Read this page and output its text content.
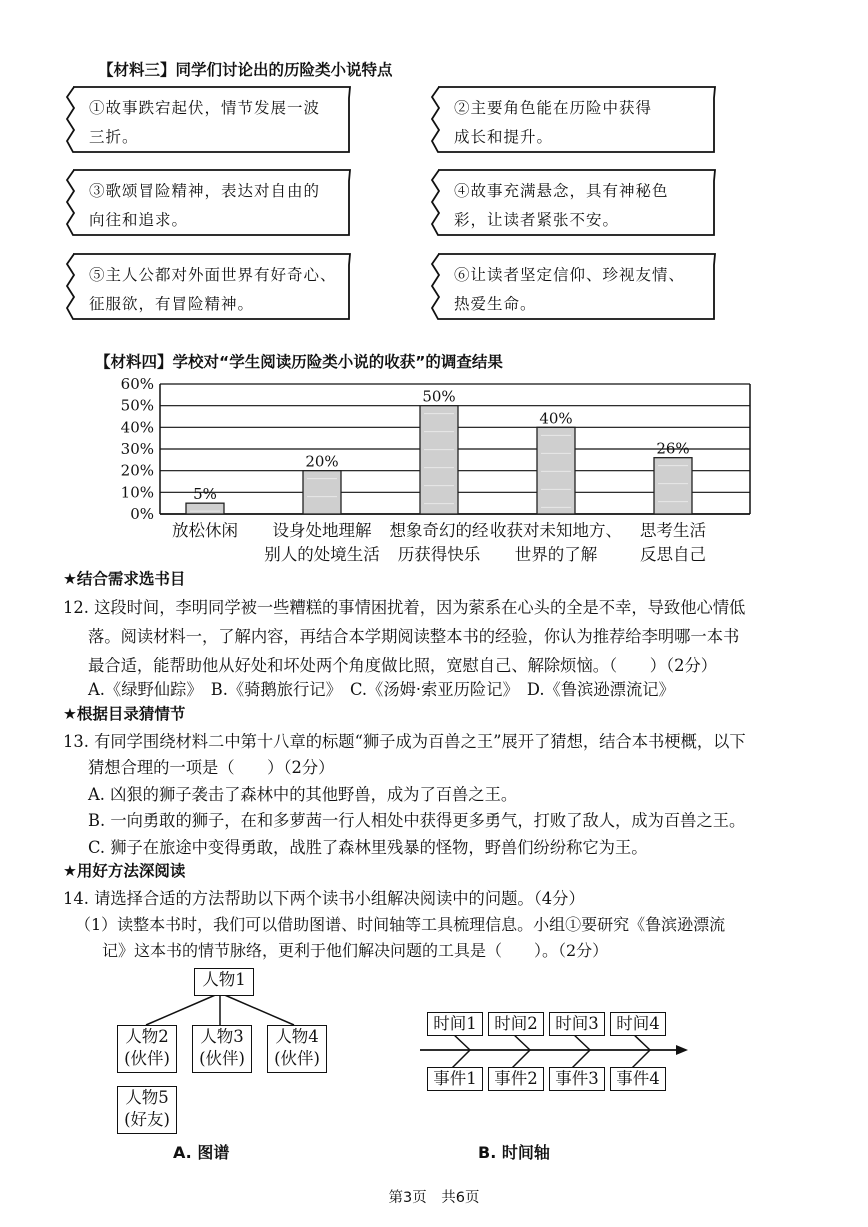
【材料三】同学们讨论出的历险类小说特点
①故事跌宕起伏，情节发展一波
三折。
②主要角色能在历险中获得
成长和提升。
③歌颂冒险精神，表达对自由的
向往和追求。
④故事充满悬念，具有神秘色
彩，让读者紧张不安。
⑤主人公都对外面世界有好奇心、
征服欲，有冒险精神。
⑥让读者坚定信仰、珍视友情、
热爱生命。
【材料四】学校对“学生阅读历险类小说的收获”的调查结果
0%
10%
20%
30%
40%
50%
60%
5%
放松休闲
20%
设身处地理解
别人的处境生活
50%
想象奇幻的经
历获得快乐
40%
收获对未知地方、
世界的了解
26%
思考生活
反思自己
★结合需求选书目
12. 这段时间，李明同学被一些糟糕的事情困扰着，因为萦系在心头的全是不幸，导致他心情低
落。阅读材料一，了解内容，再结合本学期阅读整本书的经验，你认为推荐给李明哪一本书
最合适，能帮助他从好处和坏处两个角度做比照，宽慰自己、解除烦恼。（　　）（2分）
A.《绿野仙踪》　B.《骑鹅旅行记》　C.《汤姆·索亚历险记》　D.《鲁滨逊漂流记》
★根据目录猜情节
13. 有同学围绕材料二中第十八章的标题“狮子成为百兽之王”展开了猜想，结合本书梗概，以下
猜想合理的一项是（　　）（2分）
A. 凶狠的狮子袭击了森林中的其他野兽，成为了百兽之王。
B. 一向勇敢的狮子，在和多萝茜一行人相处中获得更多勇气，打败了敌人，成为百兽之王。
C. 狮子在旅途中变得勇敢，战胜了森林里残暴的怪物，野兽们纷纷称它为王。
★用好方法深阅读
14. 请选择合适的方法帮助以下两个读书小组解决阅读中的问题。（4分）
（1）读整本书时，我们可以借助图谱、时间轴等工具梳理信息。小组①要研究《鲁滨逊漂流
记》这本书的情节脉络，更利于他们解决问题的工具是（　　）。（2分）
人物1
人物2
(伙伴)
人物3
(伙伴)
人物4
(伙伴)
人物5
(好友)
A. 图谱
时间1	时间2	时间3	时间4
事件1	事件2	事件3	事件4
B. 时间轴
第3页　共6页
